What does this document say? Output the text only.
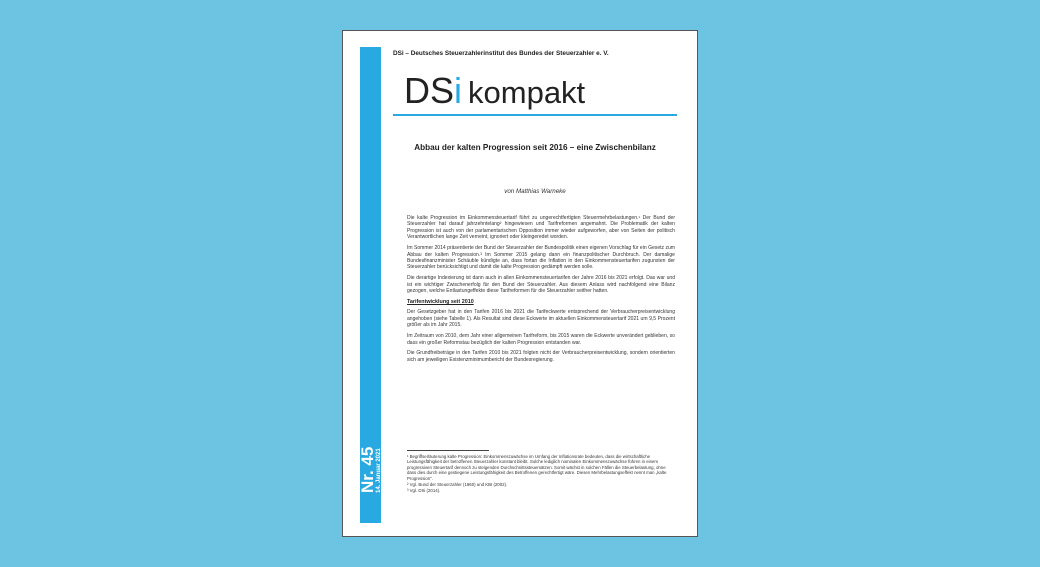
Nr. 45 14. Januar 2021
DSi – Deutsches Steuerzahlerinstitut des Bundes der Steuerzahler e. V.
DSi kompakt
Abbau der kalten Progression seit 2016 – eine Zwischenbilanz
von Matthias Warneke

Die kalte Progression im Einkommensteuertarif führt zu ungerechtfertigten Steuermehrbelastungen.¹ Der Bund der Steuerzahler hat darauf jahrzehntelang² hingewiesen und Tarifreformen angemahnt. Die Problematik der kalten Progression ist auch von der parlamentarischen Opposition immer wieder aufgeworfen, aber von Seiten der politisch Verantwortlichen lange Zeit verneint, ignoriert oder kleingeredet worden.

Im Sommer 2014 präsentierte der Bund der Steuerzahler der Bundespolitik einen eigenen Vorschlag für ein Gesetz zum Abbau der kalten Progression.³ Im Sommer 2015 gelang dann ein finanzpolitischer Durchbruch. Der damalige Bundesfinanzminister Schäuble kündigte an, dass fortan die Inflation in den Einkommensteuertarifen zugunsten der Steuerzahler berücksichtigt und damit die kalte Progression gedämpft werden solle.

Die derartige Indexierung ist dann auch in allen Einkommensteuertarifen der Jahre 2016 bis 2021 erfolgt. Das war und ist ein wichtiger Zwischenerfolg für den Bund der Steuerzahler. Aus diesem Anlass wird nachfolgend eine Bilanz gezogen, welche Entlastungeffekte diese Tarifreformen für die Steuerzahler seither hatten.

Tarifentwicklung seit 2010

Der Gesetzgeber hat in den Tarifen 2016 bis 2021 die Tarifeckwerte entsprechend der Verbraucherpreisentwicklung angehoben (siehe Tabelle 1). Als Resultat sind diese Eckwerte im aktuellen Einkommensteuertarif 2021 um 9,5 Prozent größer als im Jahr 2015.

Im Zeitraum von 2010, dem Jahr einer allgemeinen Tarifreform, bis 2015 waren die Eckwerte unverändert geblieben, so dass ein großer Reformstau bezüglich der kalten Progression entstanden war.

Die Grundfreibeträge in den Tarifen 2010 bis 2021 folgten nicht der Verbraucherpreisentwicklung, sondern orientierten sich am jeweiligen Existenzminimumbericht der Bundesregierung.

¹ Begriffserläuterung kalte Progression: Einkommenszuwächse im Umfang der Inflationsrate bedeuten, dass die wirtschaftliche Leistungsfähigkeit der betroffenen Steuerzahler konstant bleibt. Solche lediglich nominalen Einkommenszuwächse führen in einem progressiven Steuertarif dennoch zu steigenden Durchschnittssteuersätzen. Somit wächst in solchen Fällen die Steuerbelastung, ohne dass dies durch eine gestiegene Leistungsfähigkeit des Betroffenen gerechtfertigt wäre. Diesen Mehrbelastungseffekt nennt man „kalte Progression".

² Vgl. Bund der Steuerzahler (1960) und KBI (2002).

³ Vgl. DSi (2014).
